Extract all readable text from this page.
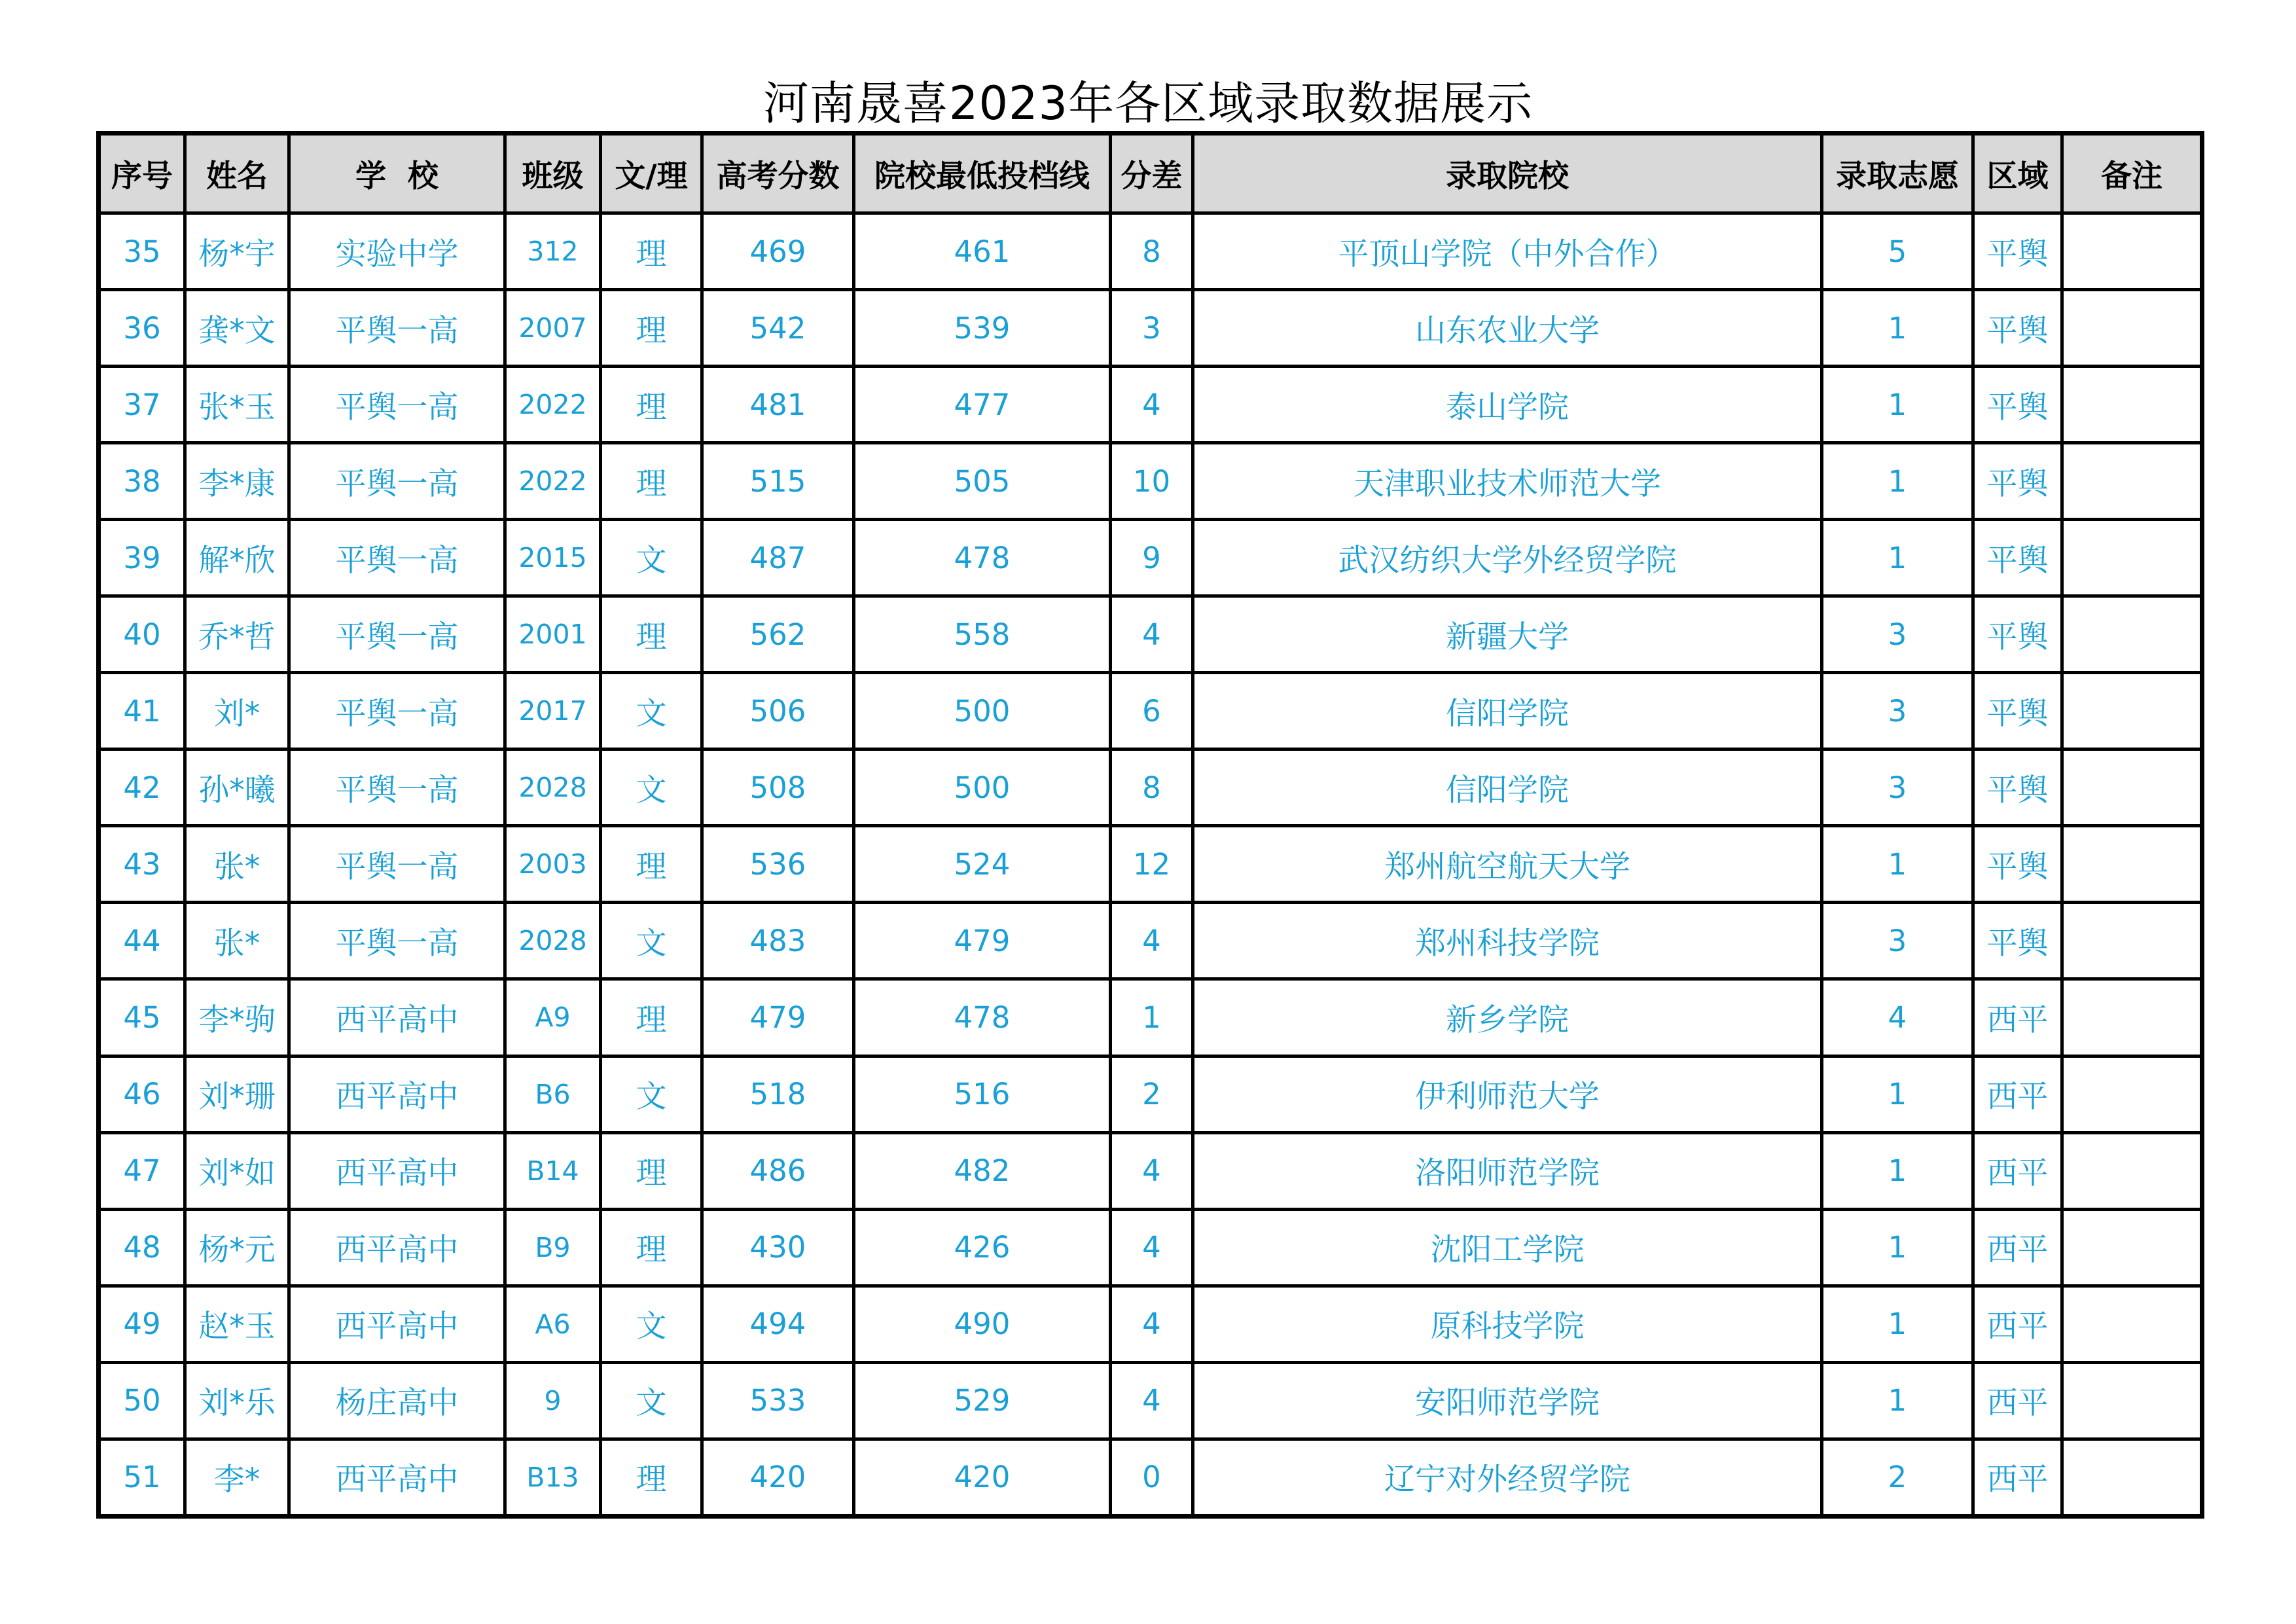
河南晟喜2023年各区域录取数据展示
序号	姓名	学  校	班级	文/理	高考分数	院校最低投档线	分差	录取院校	录取志愿	区域	备注
35	杨*宇	实验中学	312	理	469	461	8	平顶山学院（中外合作）	5	平舆	
36	龚*文	平舆一高	2007	理	542	539	3	山东农业大学	1	平舆	
37	张*玉	平舆一高	2022	理	481	477	4	泰山学院	1	平舆	
38	李*康	平舆一高	2022	理	515	505	10	天津职业技术师范大学	1	平舆	
39	解*欣	平舆一高	2015	文	487	478	9	武汉纺织大学外经贸学院	1	平舆	
40	乔*哲	平舆一高	2001	理	562	558	4	新疆大学	3	平舆	
41	刘*	平舆一高	2017	文	506	500	6	信阳学院	3	平舆	
42	孙*曦	平舆一高	2028	文	508	500	8	信阳学院	3	平舆	
43	张*	平舆一高	2003	理	536	524	12	郑州航空航天大学	1	平舆	
44	张*	平舆一高	2028	文	483	479	4	郑州科技学院	3	平舆	
45	李*驹	西平高中	A9	理	479	478	1	新乡学院	4	西平	
46	刘*珊	西平高中	B6	文	518	516	2	伊利师范大学	1	西平	
47	刘*如	西平高中	B14	理	486	482	4	洛阳师范学院	1	西平	
48	杨*元	西平高中	B9	理	430	426	4	沈阳工学院	1	西平	
49	赵*玉	西平高中	A6	文	494	490	4	原科技学院	1	西平	
50	刘*乐	杨庄高中	9	文	533	529	4	安阳师范学院	1	西平	
51	李*	西平高中	B13	理	420	420	0	辽宁对外经贸学院	2	西平	
